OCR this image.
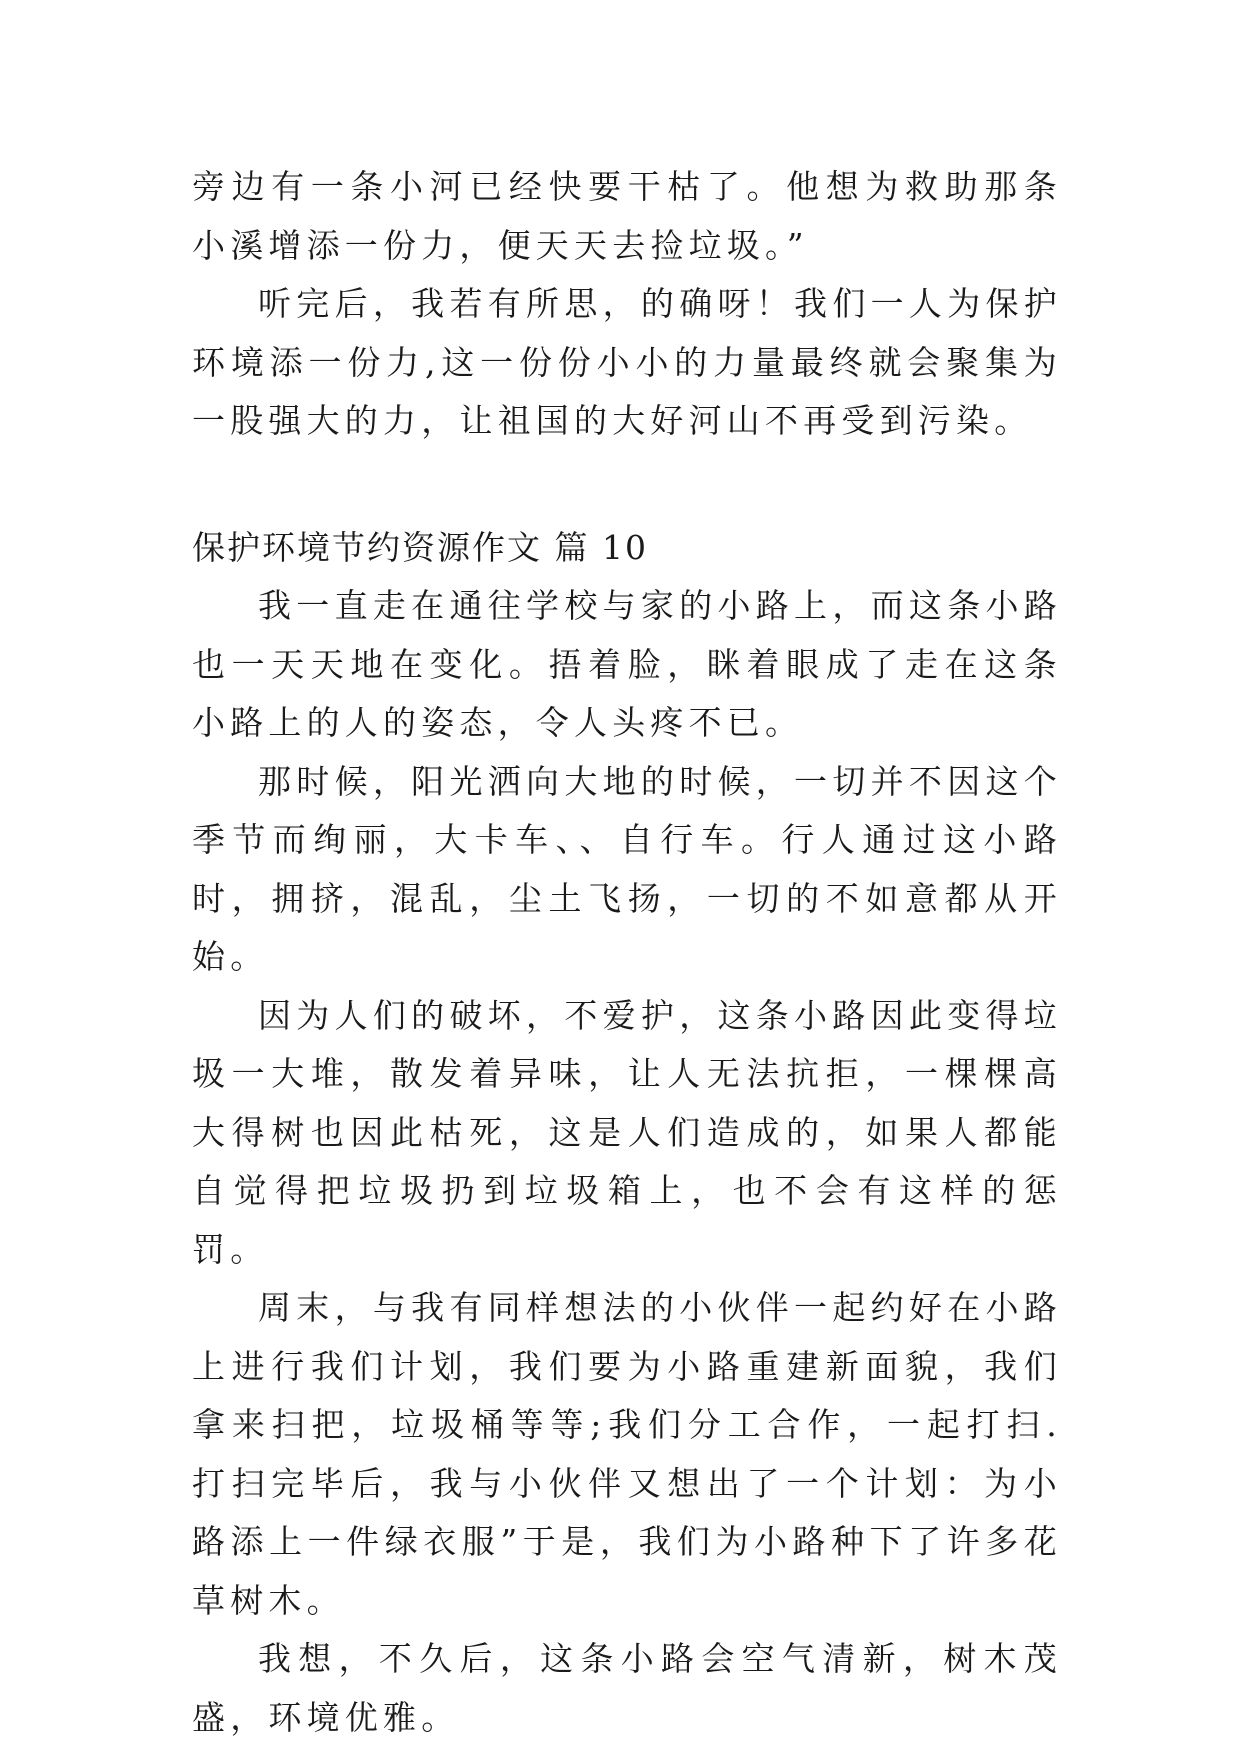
旁边有一条小河已经快要干枯了。他想为救助那条小溪增添一份力，便天天去捡垃圾。”

听完后，我若有所思，的确呀！我们一人为保护环境添一份力,这一份份小小的力量最终就会聚集为一股强大的力，让祖国的大好河山不再受到污染。

保护环境节约资源作文 篇 10

我一直走在通往学校与家的小路上，而这条小路也一天天地在变化。捂着脸，眯着眼成了走在这条小路上的人的姿态，令人头疼不已。

那时候，阳光洒向大地的时候，一切并不因这个季节而绚丽，大卡车、、自行车。行人通过这小路时，拥挤，混乱，尘土飞扬，一切的不如意都从开始。

因为人们的破坏，不爱护，这条小路因此变得垃圾一大堆，散发着异味，让人无法抗拒，一棵棵高大得树也因此枯死，这是人们造成的，如果人都能自觉得把垃圾扔到垃圾箱上，也不会有这样的惩罚。

周末，与我有同样想法的小伙伴一起约好在小路上进行我们计划，我们要为小路重建新面貌，我们拿来扫把，垃圾桶等等;我们分工合作，一起打扫.打扫完毕后，我与小伙伴又想出了一个计划：为小路添上一件绿衣服”于是，我们为小路种下了许多花草树木。

我想，不久后，这条小路会空气清新，树木茂盛，环境优雅。
